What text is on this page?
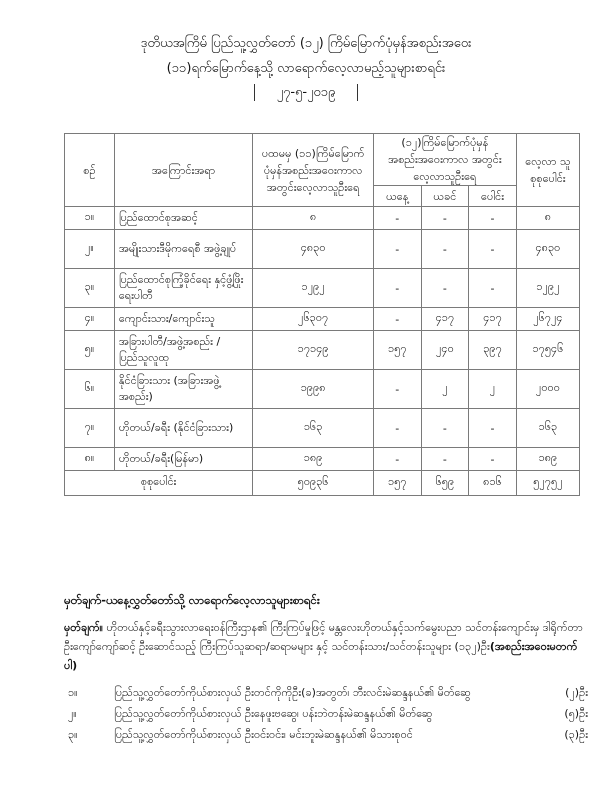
ဒုတိယအကြိမ် ပြည်သူ့လွှတ်တော် (၁၂) ကြိမ်မြောက်ပုံမှန်အစည်းအဝေး
(၁၁)ရက်မြောက်နေ့သို့ လာရောက်လေ့လာမည့်သူများစာရင်း
၂၇-၅-၂၀၁၉
စဉ်	အကြောင်းအရာ	ပထမမှ (၁၁)ကြိမ်မြောက် ပုံမှန်အစည်းအဝေးကာလ အတွင်းလေ့လာသူဦးရေ	(၁၂)ကြိမ်မြောက်ပုံမှန် အစည်းအဝေးကာလ အတွင်းလေ့လာသူဦးရေ			လေ့လာ သူ စုစုပေါင်း
			ယနေ့	ယခင်	ပေါင်း	
၁။	ပြည်ထောင်စုအဆင့်	၈	-	-	-	၈
၂။	အမျိုးသားဒီမိုကရေစီ အဖွဲ့ချုပ်	၄၈၃၀	-	-	-	၄၈၃၀
၃။	ပြည်ထောင်စုကြံ့ခိုင်ရေး နှင့်ဖွံ့ဖြိုးရေးပါတီ	၁၂၉၂	-	-	-	၁၂၉၂
၄။	ကျောင်းသား/ကျောင်းသူ	၂၆၃၀၇	-	၄၁၇	၄၁၇	၂၆၇၂၄
၅။	အခြားပါတီ/အဖွဲ့အစည်း / ပြည်သူလူထု	၁၇၁၄၉	၁၅၇	၂၄၀	၃၉၇	၁၇၅၄၆
၆။	နိုင်ငံခြားသား (အခြားအဖွဲ့အစည်း)	၁၉၉၈	-	၂	၂	၂၀၀၀
၇။	ဟိုတယ်/ခရီး (နိုင်ငံခြားသား)	၁၆၃	-	-	-	၁၆၃
၈။	ဟိုတယ်/ခရီး(မြန်မာ)	၁၈၉	-	-	-	၁၈၉
စုစုပေါင်း		၅၀၉၃၆	၁၅၇	၆၅၉	၈၁၆	၅၂၇၅၂
မှတ်ချက်-ယနေ့လွှတ်တော်သို့ လာရောက်လေ့လာသူများစာရင်း
မှတ်ချက်။ ဟိုတယ်နှင့်ခရီးသွားလာရေးဝန်ကြီးဌာန၏ ကြီးကြပ်မှုဖြင့် မန္တလေးဟိုတယ်နှင့်သက်မွေးပညာ သင်တန်းကျောင်းမှ ဒါရိုက်တာဦးကျော်ကျော်ဆင့် ဦးဆောင်သည့် ကြီးကြပ်သူဆရာ/ဆရာမများ နှင့် သင်တန်းသား/သင်တန်းသူများ (၁၃၂)ဦး(အစည်းအဝေးမတက်ပါ)
၁။	ပြည်သူ့လွှတ်တော်ကိုယ်စားလှယ် ဦးတင်ကိုကိုဦး(ခ)အတွတ်၊ ဘီးလင်းမဲဆန္ဒနယ်၏ မိတ်ဆွေ	(၂)ဦး
၂။	ပြည်သူ့လွှတ်တော်ကိုယ်စားလှယ် ဦးနေဖူးဗဆွေ၊ ပန်းဘဲတန်းမဲဆန္ဒနယ်၏ မိတ်ဆွေ	(၅)ဦး
၃။	ပြည်သူ့လွှတ်တော်ကိုယ်စားလှယ် ဦးဝင်းဝင်း၊ မင်းဘူးမဲဆန္ဒနယ်၏ မိသားစုဝင်	(၃)ဦး
